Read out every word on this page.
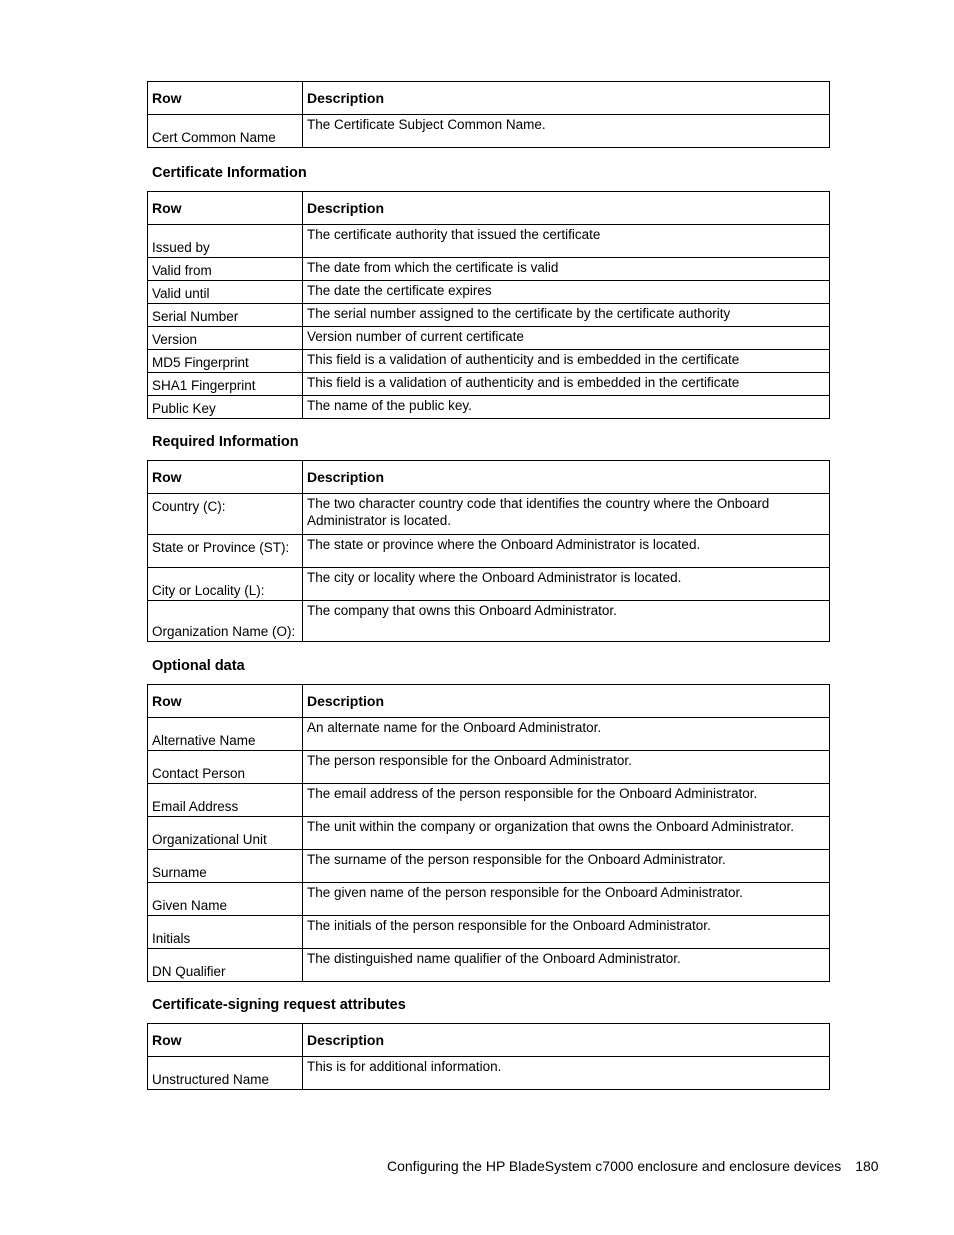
Row	Description
Cert Common Name	The Certificate Subject Common Name.
Certificate Information
Row	Description
Issued by	The certificate authority that issued the certificate
Valid from	The date from which the certificate is valid
Valid until	The date the certificate expires
Serial Number	The serial number assigned to the certificate by the certificate authority
Version	Version number of current certificate
MD5 Fingerprint	This field is a validation of authenticity and is embedded in the certificate
SHA1 Fingerprint	This field is a validation of authenticity and is embedded in the certificate
Public Key	The name of the public key.
Required Information
Row	Description
Country (C):	The two character country code that identifies the country where the Onboard Administrator is located.
State or Province (ST):	The state or province where the Onboard Administrator is located.
City or Locality (L):	The city or locality where the Onboard Administrator is located.
Organization Name (O):	The company that owns this Onboard Administrator.
Optional data
Row	Description
Alternative Name	An alternate name for the Onboard Administrator.
Contact Person	The person responsible for the Onboard Administrator.
Email Address	The email address of the person responsible for the Onboard Administrator.
Organizational Unit	The unit within the company or organization that owns the Onboard Administrator.
Surname	The surname of the person responsible for the Onboard Administrator.
Given Name	The given name of the person responsible for the Onboard Administrator.
Initials	The initials of the person responsible for the Onboard Administrator.
DN Qualifier	The distinguished name qualifier of the Onboard Administrator.
Certificate-signing request attributes
Row	Description
Unstructured Name	This is for additional information.
Configuring the HP BladeSystem c7000 enclosure and enclosure devices 180
